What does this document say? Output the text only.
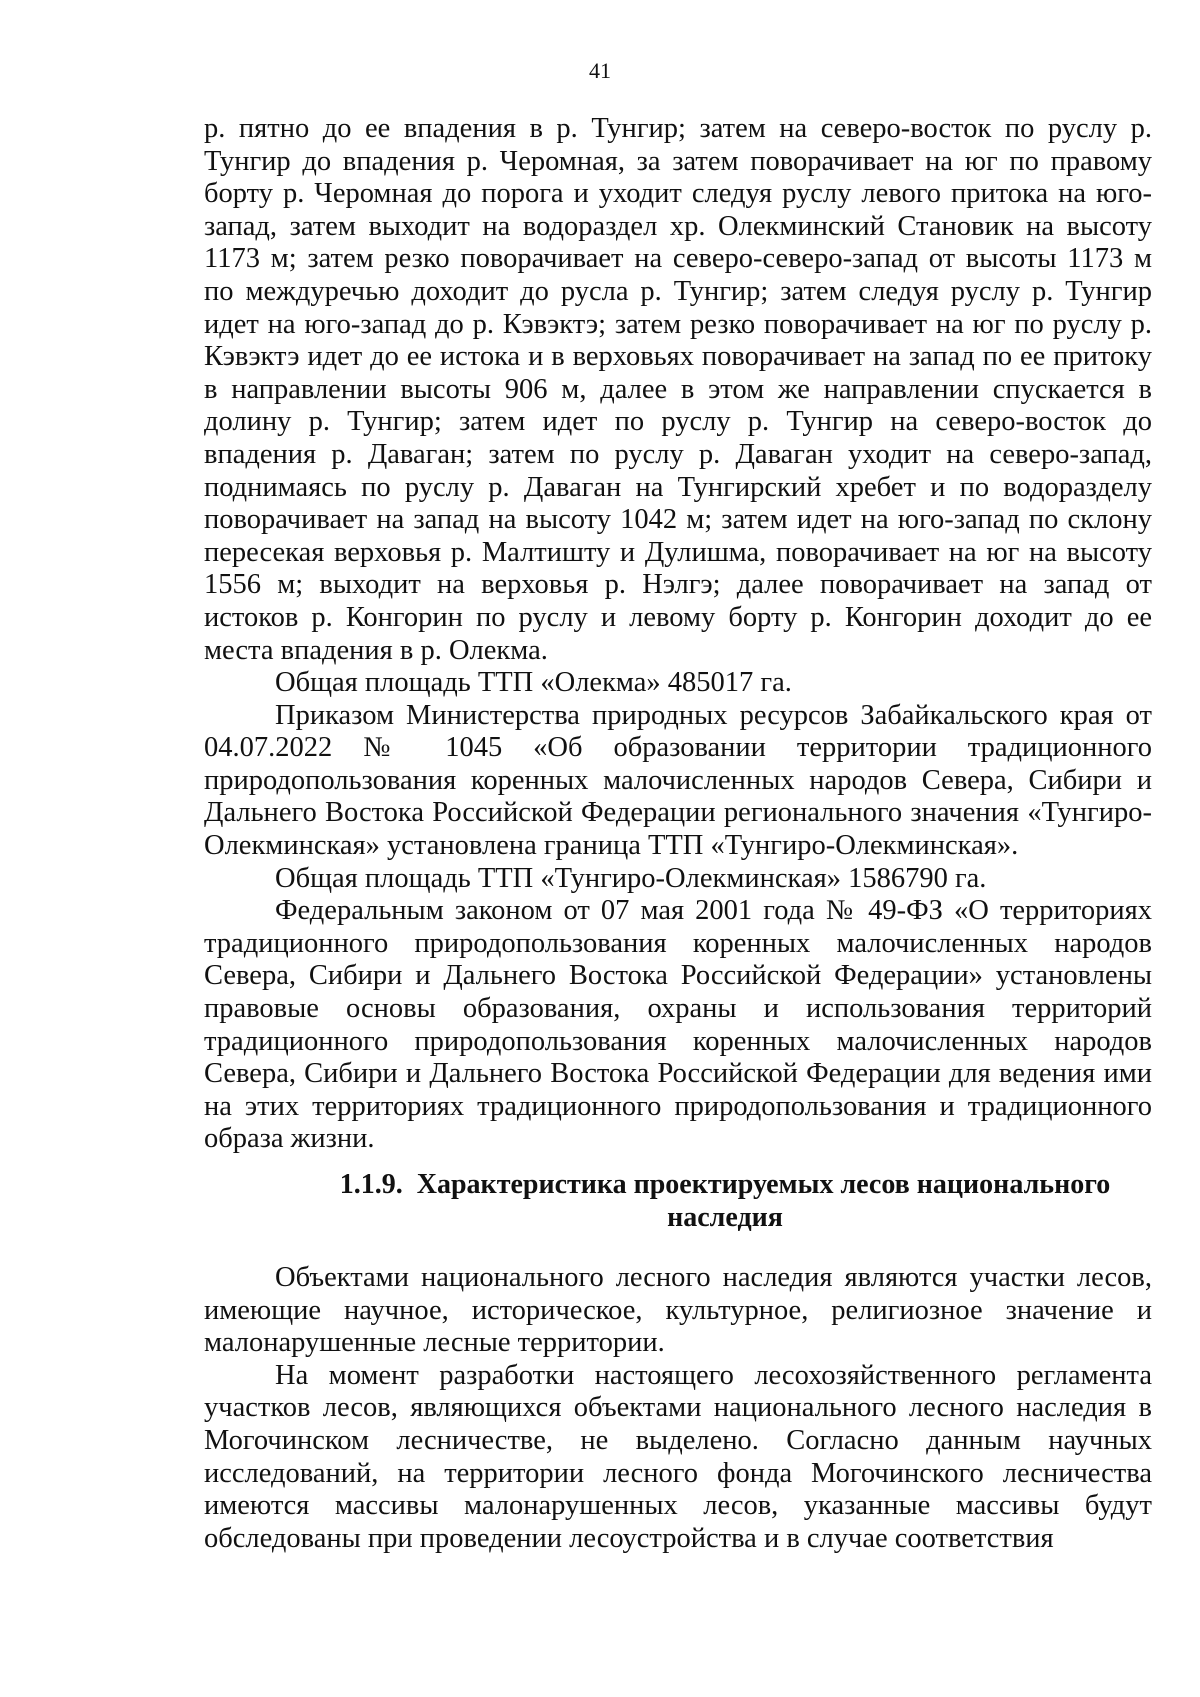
41

р. пятно до ее впадения в р. Тунгир; затем на северо-восток по руслу р. Тунгир до впадения р. Черомная, за затем поворачивает на юг по правому борту р. Черомная до порога и уходит следуя руслу левого притока на юго-запад, затем выходит на водораздел хр. Олекминский Становик на высоту 1173 м; затем резко поворачивает на северо-северо-запад от высоты 1173 м по междуречью доходит до русла р. Тунгир; затем следуя руслу р. Тунгир идет на юго-запад до р. Кэвэктэ; затем резко поворачивает на юг по руслу р. Кэвэктэ идет до ее истока и в верховьях поворачивает на запад по ее притоку в направлении высоты 906 м, далее в этом же направлении спускается в долину р. Тунгир; затем идет по руслу р. Тунгир на северо-восток до впадения р. Даваган; затем по руслу р. Даваган уходит на северо-запад, поднимаясь по руслу р. Даваган на Тунгирский хребет и по водоразделу поворачивает на запад на высоту 1042 м; затем идет на юго-запад по склону пересекая верховья р. Малтишту и Дулишма, поворачивает на юг на высоту 1556 м; выходит на верховья р. Нэлгэ; далее поворачивает на запад от истоков р. Конгорин по руслу и левому борту р. Конгорин доходит до ее места впадения в р. Олекма.

Общая площадь ТТП «Олекма» 485017 га.

Приказом Министерства природных ресурсов Забайкальского края от 04.07.2022 № 1045 «Об образовании территории традиционного природопользования коренных малочисленных народов Севера, Сибири и Дальнего Востока Российской Федерации регионального значения «Тунгиро-Олекминская» установлена граница ТТП «Тунгиро-Олекминская».

Общая площадь ТТП «Тунгиро-Олекминская» 1586790 га.

Федеральным законом от 07 мая 2001 года № 49-ФЗ «О территориях традиционного природопользования коренных малочисленных народов Севера, Сибири и Дальнего Востока Российской Федерации» установлены правовые основы образования, охраны и использования территорий традиционного природопользования коренных малочисленных народов Севера, Сибири и Дальнего Востока Российской Федерации для ведения ими на этих территориях традиционного природопользования и традиционного образа жизни.

1.1.9. Характеристика проектируемых лесов национального наследия

Объектами национального лесного наследия являются участки лесов, имеющие научное, историческое, культурное, религиозное значение и малонарушенные лесные территории.

На момент разработки настоящего лесохозяйственного регламента участков лесов, являющихся объектами национального лесного наследия в Могочинском лесничестве, не выделено. Согласно данным научных исследований, на территории лесного фонда Могочинского лесничества имеются массивы малонарушенных лесов, указанные массивы будут обследованы при проведении лесоустройства и в случае соответствия
